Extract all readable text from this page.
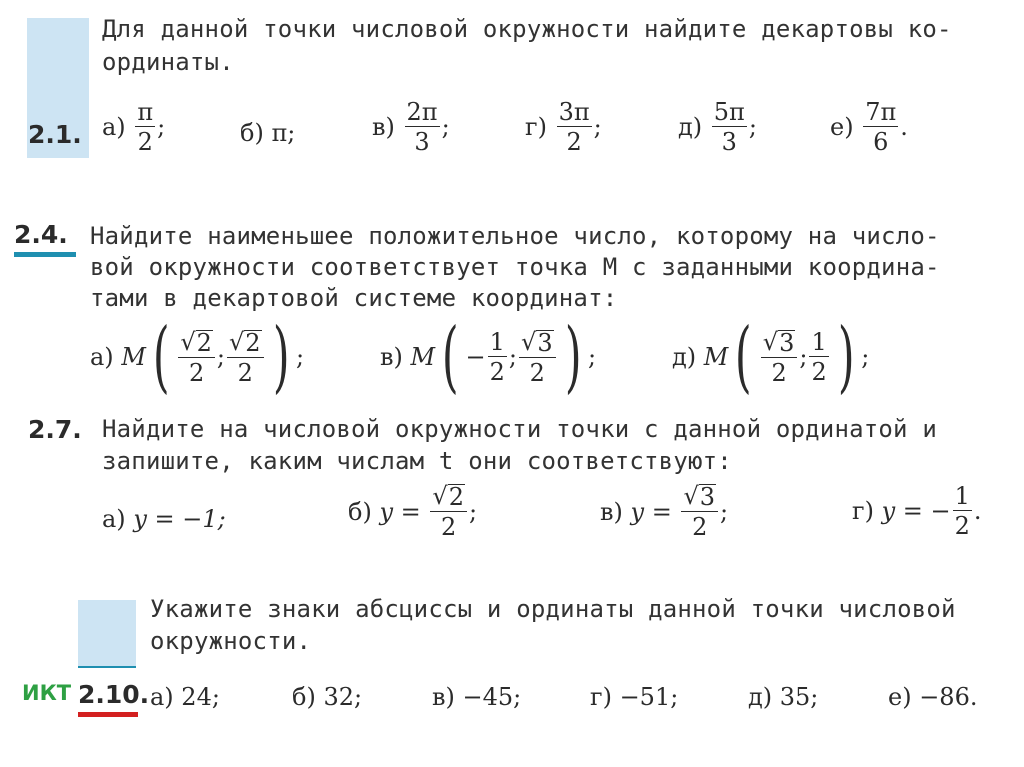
2.1.
Для данной точки числовой окружности найдите декартовы ко-
ординаты.
а)
$\frac{\pi}{2}$ ;	б)
π;	в)
$\frac{2\pi}{3}$ ;	г)
$\frac{3\pi}{2}$ ;	д)
$\frac{5\pi}{3}$ ;	е)
$\frac{7\pi}{6}$ .
2.4. Найдите наименьшее положительное число, которому на число-
вой окружности соответствует точка M с заданными координа-
тами в декартовой системе координат:
а)
M ( $\frac{√ 2}{2}$ ; $\frac{√ 2}{2}$ ) ;	в)
M ( − $\frac{1}{2}$ ; $\frac{√ 3}{2}$ ) ;	д)
M ( $\frac{√ 3}{2}$ ; $\frac{1}{2}$ ) ;
2.7. Найдите на числовой окружности точки с данной ординатой и
запишите, каким числам t они соответствуют:
а)
y = −1;	б)
y =
$\frac{√ 2}{2}$ ;	в)
y =
$\frac{√ 3}{2}$ ;	г)
y = − $\frac{1}{2}$ .
ИКТ 2.10.
Укажите знаки абсциссы и ординаты данной точки числовой
окружности.
а) 24;	б) 32;	в) −45;	г) −51;	д) 35;	е) −86.
